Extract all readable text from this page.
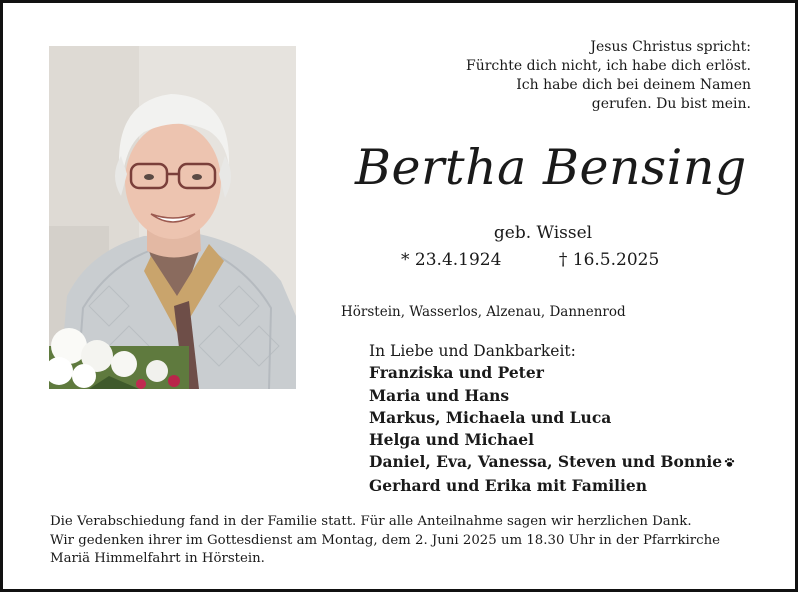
Jesus Christus spricht:
Fürchte dich nicht, ich habe dich erlöst.
Ich habe dich bei deinem Namen
gerufen. Du bist mein.
Bertha Bensing
geb. Wissel
* 23.4.1924	† 16.5.2025
Hörstein, Wasserlos, Alzenau, Dannenrod
In Liebe und Dankbarkeit:
Franziska und Peter
Maria und Hans
Markus, Michaela und Luca
Helga und Michael
Daniel, Eva, Vanessa, Steven und Bonnie
Gerhard und Erika mit Familien
Die Verabschiedung fand in der Familie statt. Für alle Anteilnahme sagen wir herzlichen Dank.
Wir gedenken ihrer im Gottesdienst am Montag, dem 2. Juni 2025 um 18.30 Uhr in der Pfarrkirche
Mariä Himmelfahrt in Hörstein.
